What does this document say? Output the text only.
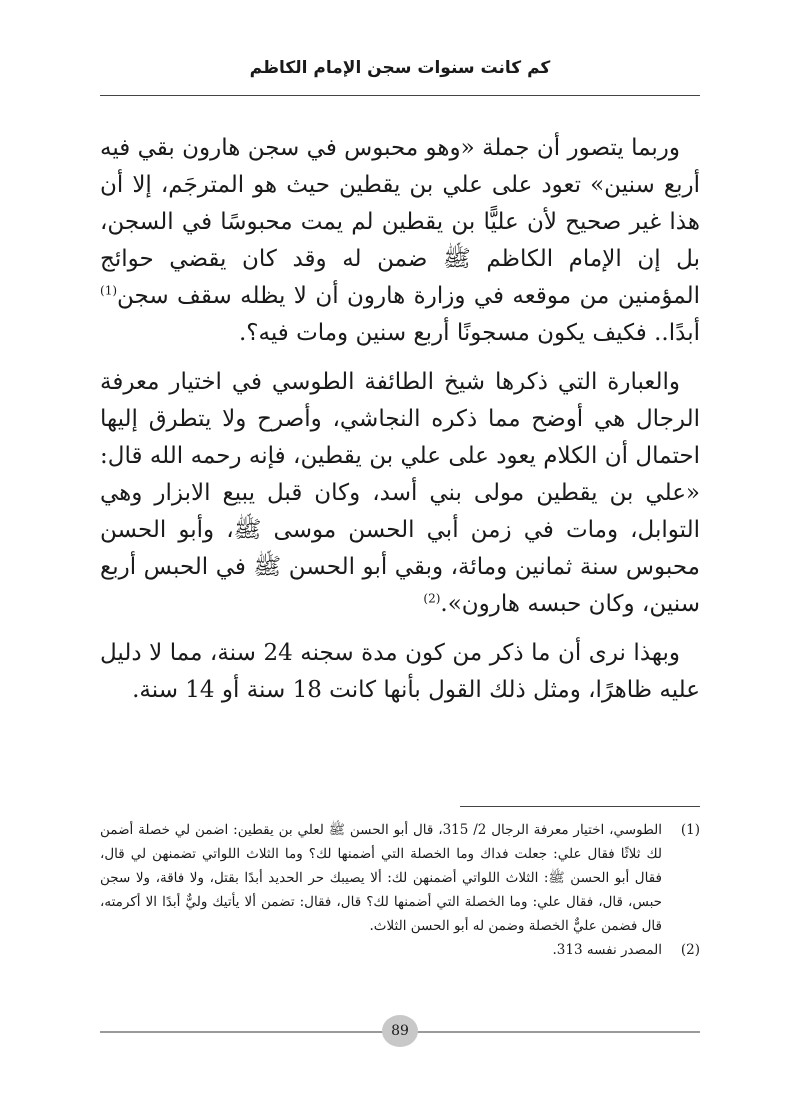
كم كانت سنوات سجن الإمام الكاظم

وربما يتصور أن جملة «وهو محبوس في سجن هارون بقي فيه أربع سنين» تعود على علي بن يقطين حيث هو المترجَم، إلا أن هذا غير صحيح لأن عليًّا بن يقطين لم يمت محبوسًا في السجن، بل إن الإمام الكاظم ﷺ ضمن له وقد كان يقضي حوائج المؤمنين من موقعه في وزارة هارون أن لا يظله سقف سجن$^{(1)}$ أبدًا.. فكيف يكون مسجونًا أربع سنين ومات فيه؟.

والعبارة التي ذكرها شيخ الطائفة الطوسي في اختيار معرفة الرجال هي أوضح مما ذكره النجاشي، وأصرح ولا يتطرق إليها احتمال أن الكلام يعود على علي بن يقطين، فإنه رحمه الله قال: «علي بن يقطين مولى بني أسد، وكان قبل يبيع الابزار وهي التوابل، ومات في زمن أبي الحسن موسى ﷺ، وأبو الحسن محبوس سنة ثمانين ومائة، وبقي أبو الحسن ﷺ في الحبس أربع سنين، وكان حبسه هارون».$^{(2)}$

وبهذا نرى أن ما ذكر من كون مدة سجنه 24 سنة، مما لا دليل عليه ظاهرًا، ومثل ذلك القول بأنها كانت 18 سنة أو 14 سنة.

(1)
الطوسي، اختيار معرفة الرجال 2/ 315، قال أبو الحسن ﷺ لعلي بن يقطين: اضمن لي خصلة أضمن لك ثلاثًا فقال علي: جعلت فداك وما الخصلة التي أضمنها لك؟ وما الثلاث اللواتي تضمنهن لي قال، فقال أبو الحسن ﷺ: الثلاث اللواتي أضمنهن لك: ألا يصيبك حر الحديد أبدًا بقتل، ولا فاقة، ولا سجن حبس، قال، فقال علي: وما الخصلة التي أضمنها لك؟ قال، فقال: تضمن ألا يأتيك وليٌّ أبدًا الا أكرمته، قال فضمن عليٌّ الخصلة وضمن له أبو الحسن الثلاث.
(2)
المصدر نفسه 313.
89
